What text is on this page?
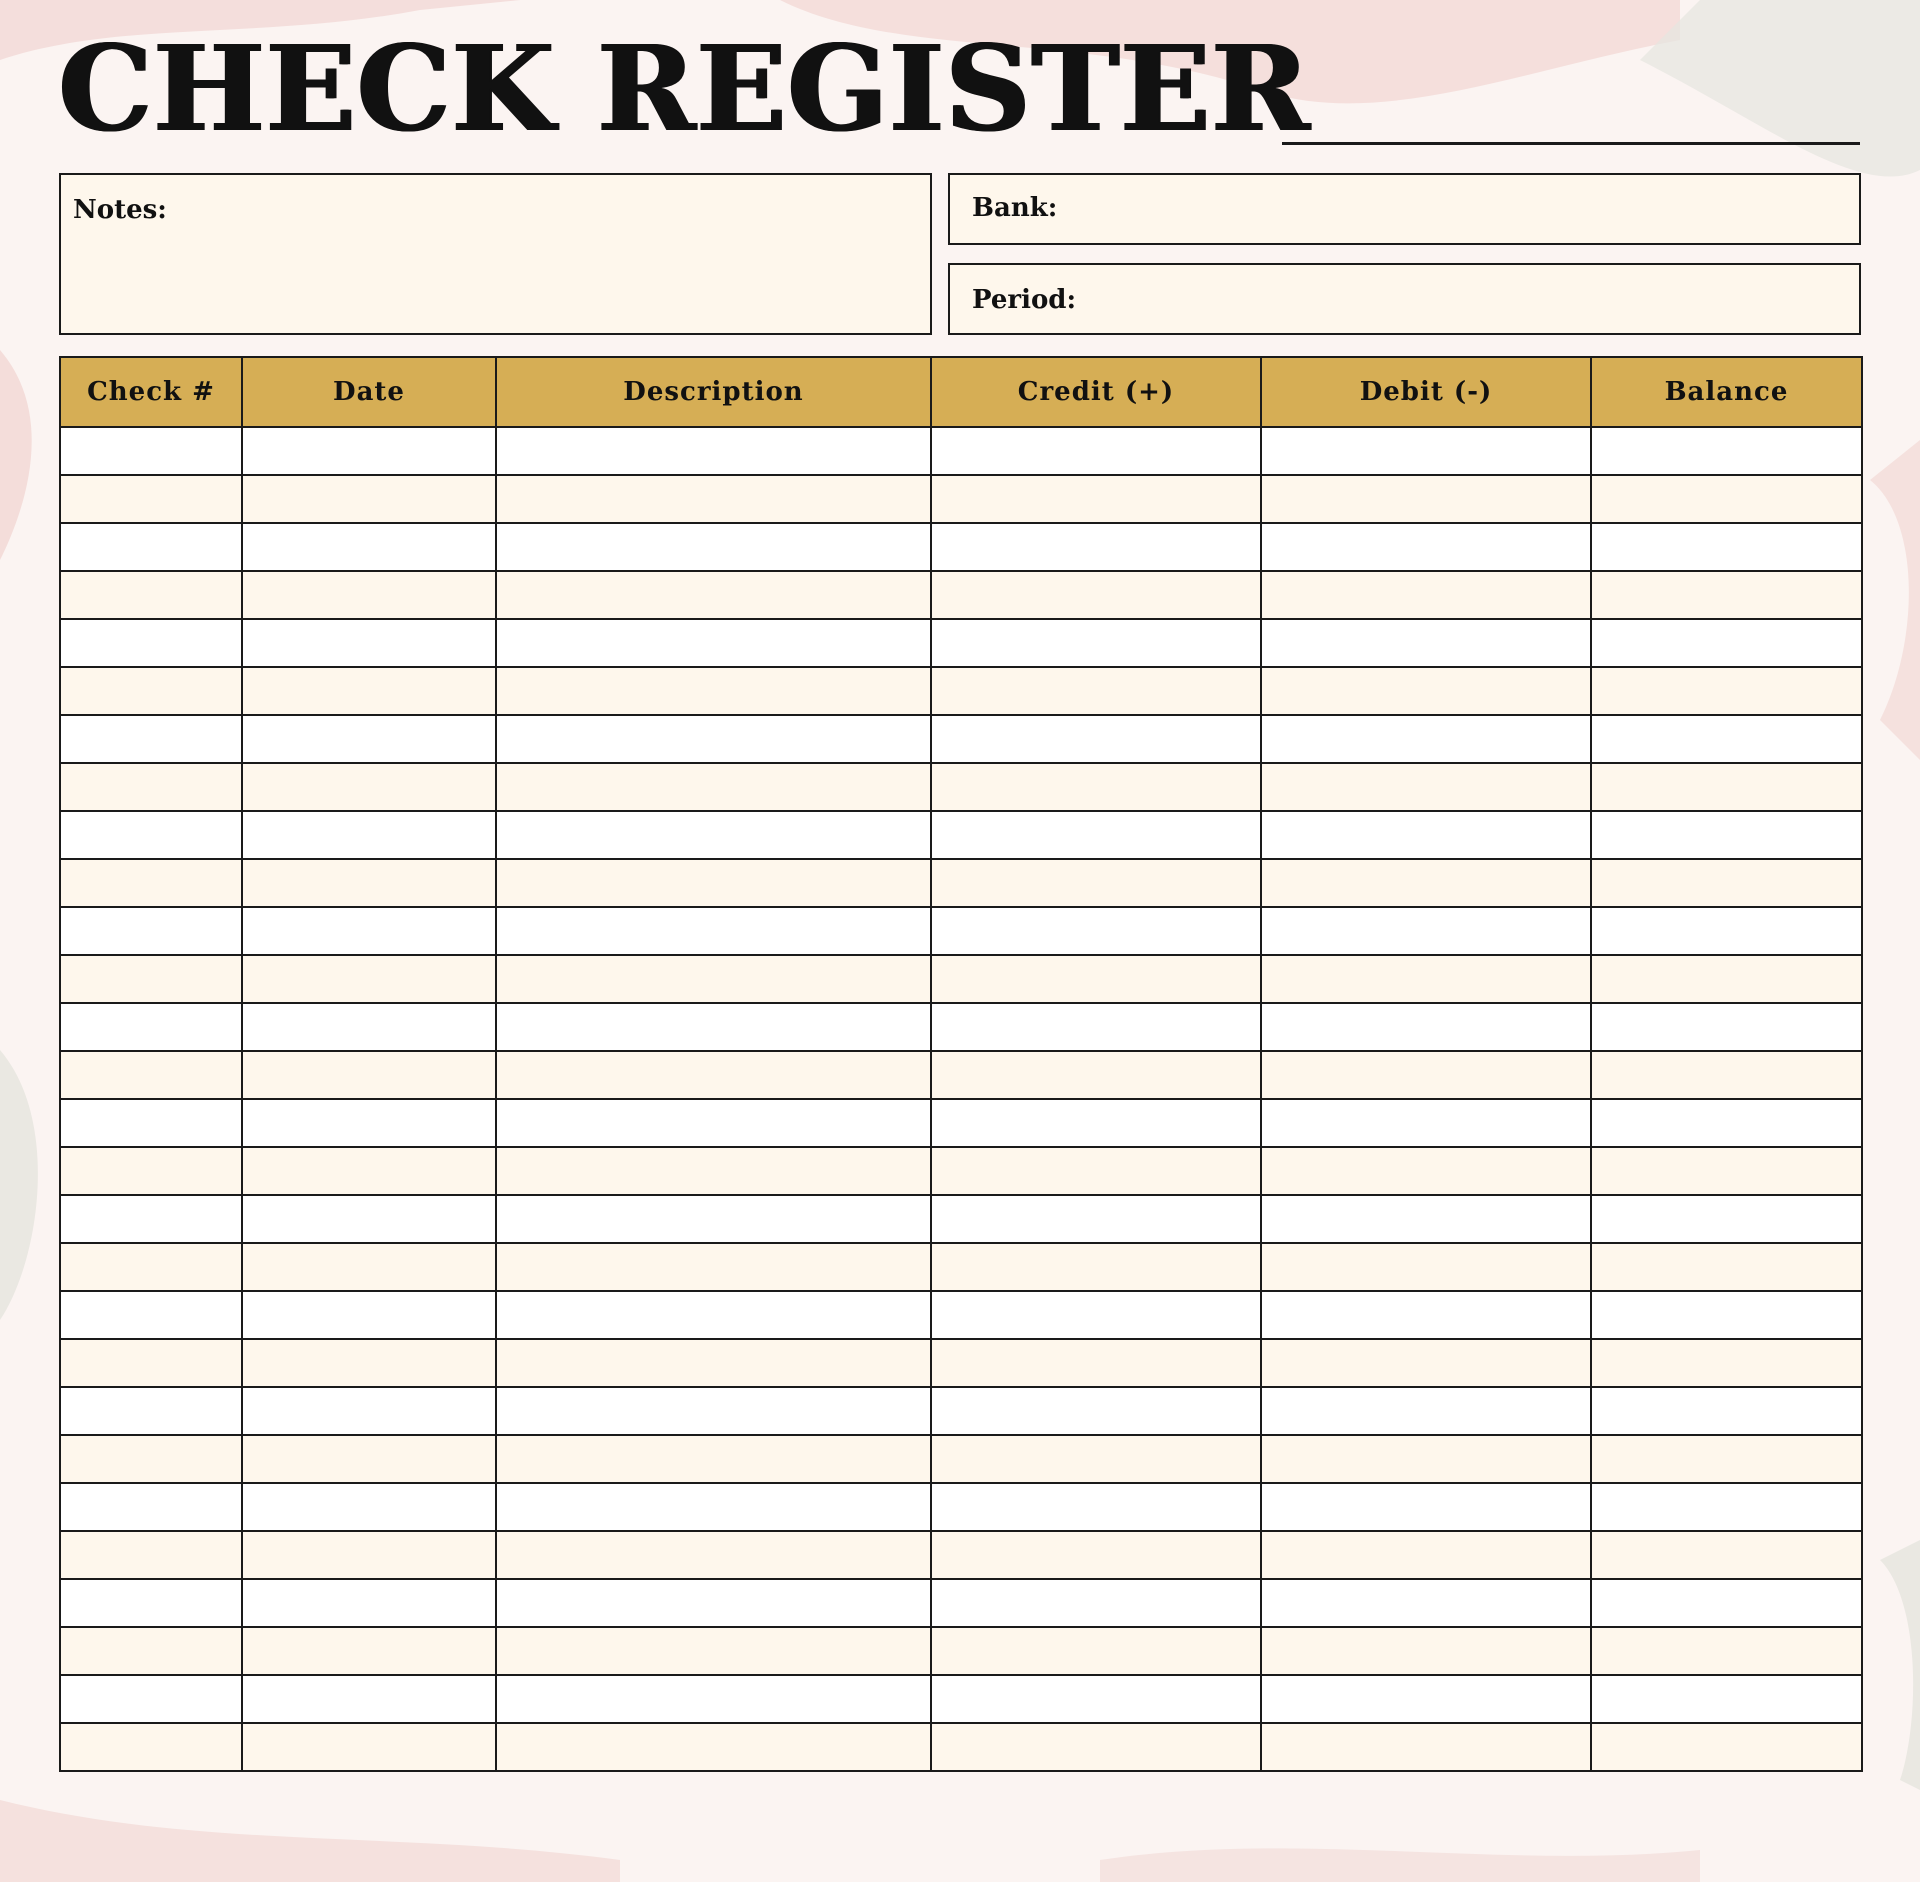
CHECK REGISTER
Notes:	Bank:
Period:
Check #	Date	Description	Credit (+)	Debit (-)	Balance
